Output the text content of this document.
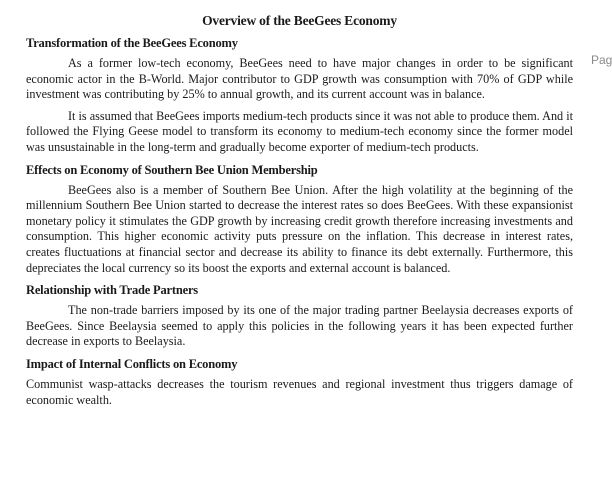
Pag
Overview of the BeeGees Economy
Transformation of the BeeGees Economy

As a former low-tech economy, BeeGees need to have major changes in order to be significant economic actor in the B-World. Major contributor to GDP growth was consumption with 70% of GDP while investment was contributing by 25% to annual growth, and its current account was in balance.

It is assumed that BeeGees imports medium-tech products since it was not able to produce them. And it followed the Flying Geese model to transform its economy to medium-tech economy since the former model was unsustainable in the long-term and gradually become exporter of medium-tech products.

Effects on Economy of Southern Bee Union Membership

BeeGees also is a member of Southern Bee Union. After the high volatility at the beginning of the millennium Southern Bee Union started to decrease the interest rates so does BeeGees. With these expansionist monetary policy it stimulates the GDP growth by increasing credit growth therefore increasing investments and consumption. This higher economic activity puts pressure on the inflation. This decrease in interest rates, creates fluctuations at financial sector and decrease its ability to finance its debt externally. Furthermore, this depreciates the local currency so its boost the exports and external account is balanced.

Relationship with Trade Partners

The non-trade barriers imposed by its one of the major trading partner Beelaysia decreases exports of BeeGees. Since Beelaysia seemed to apply this policies in the following years it has been expected further decrease in exports to Beelaysia.

Impact of Internal Conflicts on Economy

Communist wasp-attacks decreases the tourism revenues and regional investment thus triggers damage of economic wealth.
